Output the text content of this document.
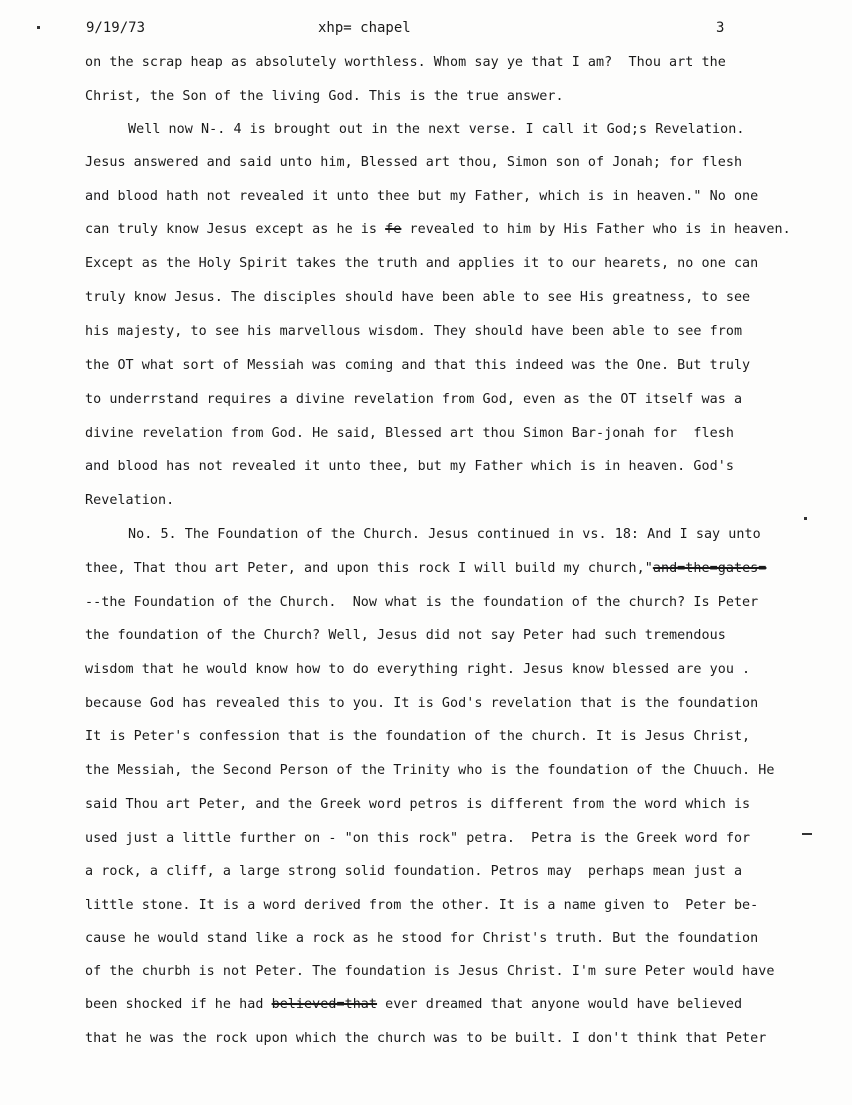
9/19/73	xhp= chapel	3
on the scrap heap as absolutely worthless. Whom say ye that I am?  Thou art the
Christ, the Son of the living God. This is the true answer.
Well now N-. 4 is brought out in the next verse. I call it God;s Revelation.
Jesus answered and said unto him, Blessed art thou, Simon son of Jonah; for flesh
and blood hath not revealed it unto thee but my Father, which is in heaven." No one
can truly know Jesus except as he is fe revealed to him by His Father who is in heaven.
Except as the Holy Spirit takes the truth and applies it to our hearets, no one can
truly know Jesus. The disciples should have been able to see His greatness, to see
his majesty, to see his marvellous wisdom. They should have been able to see from
the OT what sort of Messiah was coming and that this indeed was the One. But truly
to underrstand requires a divine revelation from God, even as the OT itself was a
divine revelation from God. He said, Blessed art thou Simon Bar-jonah for  flesh
and blood has not revealed it unto thee, but my Father which is in heaven. God's
Revelation.
No. 5. The Foundation of the Church. Jesus continued in vs. 18: And I say unto
thee, That thou art Peter, and upon this rock I will build my church,"and=the=gates=
--the Foundation of the Church.  Now what is the foundation of the church? Is Peter
the foundation of the Church? Well, Jesus did not say Peter had such tremendous
wisdom that he would know how to do everything right. Jesus know blessed are you .
because God has revealed this to you. It is God's revelation that is the foundation
It is Peter's confession that is the foundation of the church. It is Jesus Christ,
the Messiah, the Second Person of the Trinity who is the foundation of the Chuuch. He
said Thou art Peter, and the Greek word petros is different from the word which is
used just a little further on - "on this rock" petra.  Petra is the Greek word for
a rock, a cliff, a large strong solid foundation. Petros may  perhaps mean just a
little stone. It is a word derived from the other. It is a name given to  Peter be-
cause he would stand like a rock as he stood for Christ's truth. But the foundation
of the churbh is not Peter. The foundation is Jesus Christ. I'm sure Peter would have
been shocked if he had believed=that ever dreamed that anyone would have believed
that he was the rock upon which the church was to be built. I don't think that Peter
